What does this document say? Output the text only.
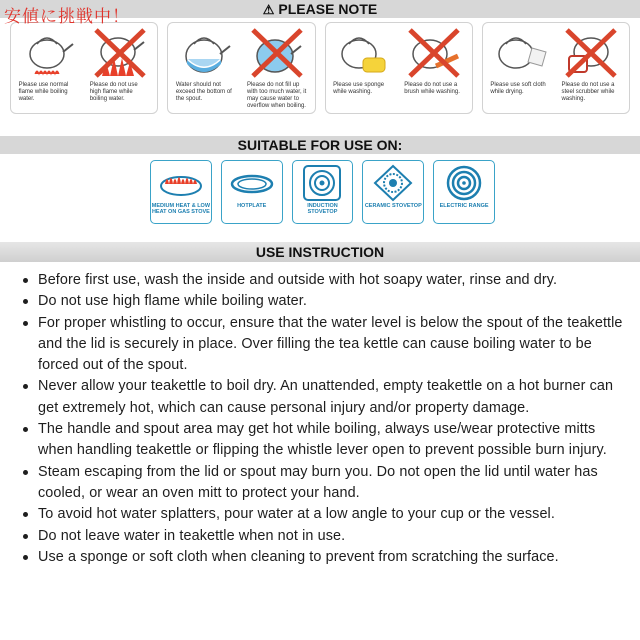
安値に挑戦中！	⚠ PLEASE NOTE
Please use normal flame while boiling water.
Please do not use high flame while boiling water.
Water should not exceed the bottom of the spout.
Please do not fill up with too much water, it may cause water to overflow when boiling.
Please use sponge while washing.
Please do not use a brush while washing.
Please use soft cloth while drying.
Please do not use a steel scrubber while washing.
SUITABLE FOR USE ON:
MEDIUM HEAT & LOW HEAT ON GAS STOVE
HOTPLATE	INDUCTION STOVETOP
CERAMIC STOVETOP	ELECTRIC RANGE
USE INSTRUCTION
Before first use, wash the inside and outside with hot soapy water, rinse and dry.
Do not use high flame while boiling water.
For proper whistling to occur, ensure that the water level is below the spout of the teakettle and the lid is securely in place. Over filling the tea kettle can cause boiling water to be forced out of the spout.
Never allow your teakettle to boil dry. An unattended, empty teakettle on a hot burner can get extremely hot, which can cause personal injury and/or property damage.
The handle and spout area may get hot while boiling, always use/wear protective mitts when handling teakettle or flipping the whistle lever open to prevent possible burn injury.
Steam escaping from the lid or spout may burn you. Do not open the lid until water has cooled, or wear an oven mitt to protect your hand.
To avoid hot water splatters, pour water at a low angle to your cup or the vessel.
Do not leave water in teakettle when not in use.
Use a sponge or soft cloth when cleaning to prevent from scratching the surface.
